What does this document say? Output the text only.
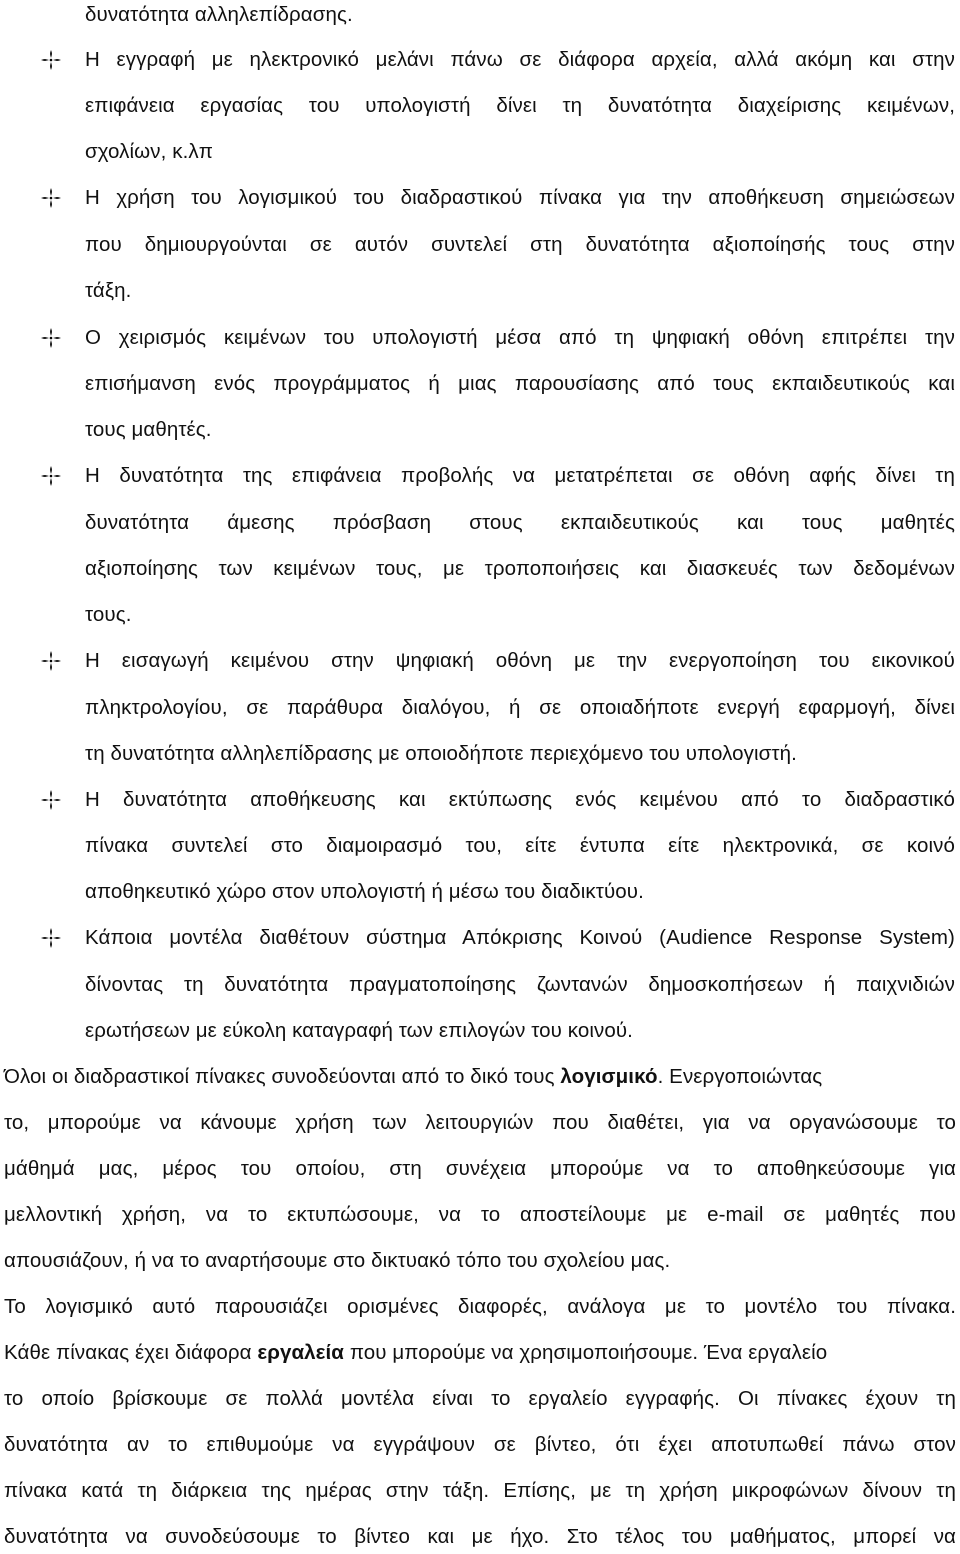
δυνατότητα αλληλεπίδρασης.
Η εγγραφή με ηλεκτρονικό μελάνι πάνω σε διάφορα αρχεία, αλλά ακόμη και στην
επιφάνεια εργασίας του υπολογιστή δίνει τη δυνατότητα διαχείρισης κειμένων,
σχολίων, κ.λπ
Η χρήση του λογισμικού του διαδραστικού πίνακα για την αποθήκευση σημειώσεων
που δημιουργούνται σε αυτόν συντελεί στη δυνατότητα αξιοποίησής τους στην
τάξη.
Ο χειρισμός κειμένων του υπολογιστή μέσα από τη ψηφιακή οθόνη επιτρέπει την
επισήμανση ενός προγράμματος ή μιας παρουσίασης από τους εκπαιδευτικούς και
τους μαθητές.
Η δυνατότητα της επιφάνεια προβολής να μετατρέπεται σε οθόνη αφής δίνει τη
δυνατότητα άμεσης πρόσβαση στους εκπαιδευτικούς και τους μαθητές
αξιοποίησης των κειμένων τους, με τροποποιήσεις και διασκευές των δεδομένων
τους.
Η εισαγωγή κειμένου στην ψηφιακή οθόνη με την ενεργοποίηση του εικονικού
πληκτρολογίου, σε παράθυρα διαλόγου, ή σε οποιαδήποτε ενεργή εφαρμογή, δίνει
τη δυνατότητα αλληλεπίδρασης με οποιοδήποτε περιεχόμενο του υπολογιστή.
Η δυνατότητα αποθήκευσης και εκτύπωσης ενός κειμένου από το διαδραστικό
πίνακα συντελεί στο διαμοιρασμό του, είτε έντυπα είτε ηλεκτρονικά, σε κοινό
αποθηκευτικό χώρο στον υπολογιστή ή μέσω του διαδικτύου.
Κάποια μοντέλα διαθέτουν σύστημα Απόκρισης Κοινού (Audience Response System)
δίνοντας τη δυνατότητα πραγματοποίησης ζωντανών δημοσκοπήσεων ή παιχνιδιών
ερωτήσεων με εύκολη καταγραφή των επιλογών του κοινού.
Όλοι οι διαδραστικοί πίνακες συνοδεύονται από το δικό τους λογισμικό. Ενεργοποιώντας
το, μπορούμε να κάνουμε χρήση των λειτουργιών που διαθέτει, για να οργανώσουμε το
μάθημά μας, μέρος του οποίου, στη συνέχεια μπορούμε να το αποθηκεύσουμε για
μελλοντική χρήση, να το εκτυπώσουμε, να το αποστείλουμε με e-mail σε μαθητές που
απουσιάζουν, ή να το αναρτήσουμε στο δικτυακό τόπο του σχολείου μας.
Το λογισμικό αυτό παρουσιάζει ορισμένες διαφορές, ανάλογα με το μοντέλο του πίνακα.
Κάθε πίνακας έχει διάφορα εργαλεία που μπορούμε να χρησιμοποιήσουμε. Ένα εργαλείο
το οποίο βρίσκουμε σε πολλά μοντέλα είναι το εργαλείο εγγραφής. Οι πίνακες έχουν τη
δυνατότητα αν το επιθυμούμε να εγγράψουν σε βίντεο, ότι έχει αποτυπωθεί πάνω στον
πίνακα κατά τη διάρκεια της ημέρας στην τάξη. Επίσης, με τη χρήση μικροφώνων δίνουν τη
δυνατότητα να συνοδεύσουμε το βίντεο και με ήχο. Στο τέλος του μαθήματος, μπορεί να
